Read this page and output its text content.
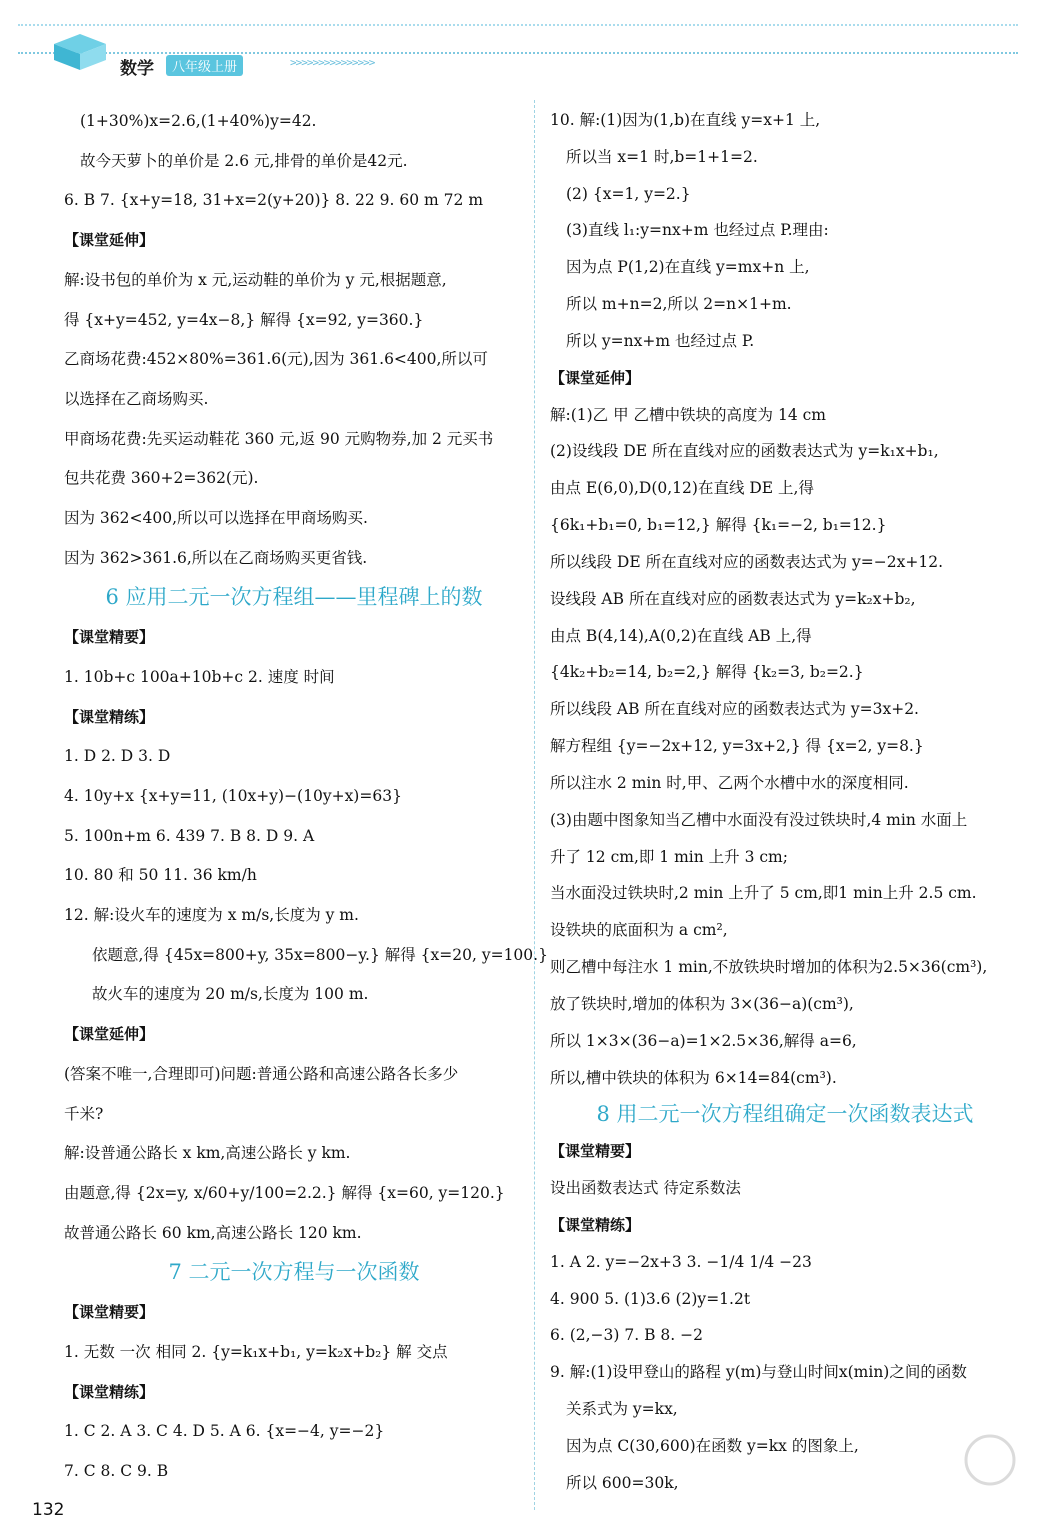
数学	八年级上册	>>>>>>>>>>>>>>>
(1+30%)x=2.6,(1+40%)y=42.
故今天萝卜的单价是 2.6 元,排骨的单价是42元.
6. B 7. {x+y=18, 31+x=2(y+20)} 8. 22 9. 60 m 72 m
【课堂延伸】
解:设书包的单价为 x 元,运动鞋的单价为 y 元,根据题意,
得 {x+y=452, y=4x−8,} 解得 {x=92, y=360.}
乙商场花费:452×80%=361.6(元),因为 361.6<400,所以可
以选择在乙商场购买.
甲商场花费:先买运动鞋花 360 元,返 90 元购物券,加 2 元买书
包共花费 360+2=362(元).
因为 362<400,所以可以选择在甲商场购买.
因为 362>361.6,所以在乙商场购买更省钱.
6 应用二元一次方程组——里程碑上的数
【课堂精要】
1. 10b+c 100a+10b+c 2. 速度 时间
【课堂精练】
1. D 2. D 3. D
4. 10y+x {x+y=11, (10x+y)−(10y+x)=63}
5. 100n+m 6. 439 7. B 8. D 9. A
10. 80 和 50 11. 36 km/h
12. 解:设火车的速度为 x m/s,长度为 y m.
依题意,得 {45x=800+y, 35x=800−y.} 解得 {x=20, y=100.}
故火车的速度为 20 m/s,长度为 100 m.
【课堂延伸】
(答案不唯一,合理即可)问题:普通公路和高速公路各长多少
千米?
解:设普通公路长 x km,高速公路长 y km.
由题意,得 {2x=y, x/60+y/100=2.2.} 解得 {x=60, y=120.}
故普通公路长 60 km,高速公路长 120 km.
7 二元一次方程与一次函数
【课堂精要】
1. 无数 一次 相同 2. {y=k₁x+b₁, y=k₂x+b₂} 解 交点
【课堂精练】
1. C 2. A 3. C 4. D 5. A 6. {x=−4, y=−2}
7. C 8. C 9. B
10. 解:(1)因为(1,b)在直线 y=x+1 上,
所以当 x=1 时,b=1+1=2.
(2) {x=1, y=2.}
(3)直线 l₁:y=nx+m 也经过点 P.理由:
因为点 P(1,2)在直线 y=mx+n 上,
所以 m+n=2,所以 2=n×1+m.
所以 y=nx+m 也经过点 P.
【课堂延伸】
解:(1)乙 甲 乙槽中铁块的高度为 14 cm
(2)设线段 DE 所在直线对应的函数表达式为 y=k₁x+b₁,
由点 E(6,0),D(0,12)在直线 DE 上,得
{6k₁+b₁=0, b₁=12,} 解得 {k₁=−2, b₁=12.}
所以线段 DE 所在直线对应的函数表达式为 y=−2x+12.
设线段 AB 所在直线对应的函数表达式为 y=k₂x+b₂,
由点 B(4,14),A(0,2)在直线 AB 上,得
{4k₂+b₂=14, b₂=2,} 解得 {k₂=3, b₂=2.}
所以线段 AB 所在直线对应的函数表达式为 y=3x+2.
解方程组 {y=−2x+12, y=3x+2,} 得 {x=2, y=8.}
所以注水 2 min 时,甲、乙两个水槽中水的深度相同.
(3)由题中图象知当乙槽中水面没有没过铁块时,4 min 水面上
升了 12 cm,即 1 min 上升 3 cm;
当水面没过铁块时,2 min 上升了 5 cm,即1 min上升 2.5 cm.
设铁块的底面积为 a cm²,
则乙槽中每注水 1 min,不放铁块时增加的体积为2.5×36(cm³),
放了铁块时,增加的体积为 3×(36−a)(cm³),
所以 1×3×(36−a)=1×2.5×36,解得 a=6,
所以,槽中铁块的体积为 6×14=84(cm³).
8 用二元一次方程组确定一次函数表达式
【课堂精要】
设出函数表达式 待定系数法
【课堂精练】
1. A 2. y=−2x+3 3. −1/4 1/4 −23
4. 900 5. (1)3.6 (2)y=1.2t
6. (2,−3) 7. B 8. −2
9. 解:(1)设甲登山的路程 y(m)与登山时间x(min)之间的函数
关系式为 y=kx,
因为点 C(30,600)在函数 y=kx 的图象上,
所以 600=30k,
132
